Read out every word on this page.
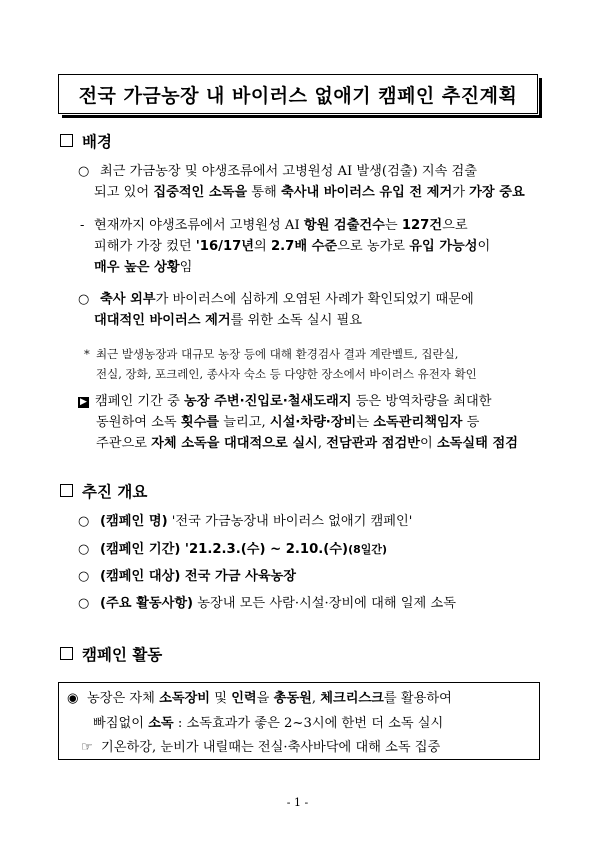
전국 가금농장 내 바이러스 없애기 캠페인 추진계획
배경
○ 최근 가금농장 및 야생조류에서 고병원성 AI 발생(검출) 지속 검출
되고 있어 집중적인 소독을 통해 축사내 바이러스 유입 전 제거가 가장 중요
- 현재까지 야생조류에서 고병원성 AI 항원 검출건수는 127건으로
피해가 가장 컸던 '16/17년의 2.7배 수준으로 농가로 유입 가능성이
매우 높은 상황임
○ 축사 외부가 바이러스에 심하게 오염된 사례가 확인되었기 때문에
대대적인 바이러스 제거를 위한 소독 실시 필요
* 최근 발생농장과 대규모 농장 등에 대해 환경검사 결과 계란벨트, 집란실,
전실, 장화, 포크레인, 종사자 숙소 등 다양한 장소에서 바이러스 유전자 확인
▶ 캠페인 기간 중 농장 주변·진입로·철새도래지 등은 방역차량을 최대한
동원하여 소독 횟수를 늘리고, 시설·차량·장비는 소독관리책임자 등
주관으로 자체 소독을 대대적으로 실시, 전담관과 점검반이 소독실태 점검
추진 개요
○ (캠페인 명) '전국 가금농장내 바이러스 없애기 캠페인'
○ (캠페인 기간) '21.2.3.(수) ~ 2.10.(수)(8일간)
○ (캠페인 대상) 전국 가금 사육농장
○ (주요 활동사항) 농장내 모든 사람·시설·장비에 대해 일제 소독
캠페인 활동
◉ 농장은 자체 소독장비 및 인력을 총동원, 체크리스크를 활용하여
빠짐없이 소독 : 소독효과가 좋은 2~3시에 한번 더 소독 실시
☞ 기온하강, 눈비가 내릴때는 전실·축사바닥에 대해 소독 집중
- 1 -
